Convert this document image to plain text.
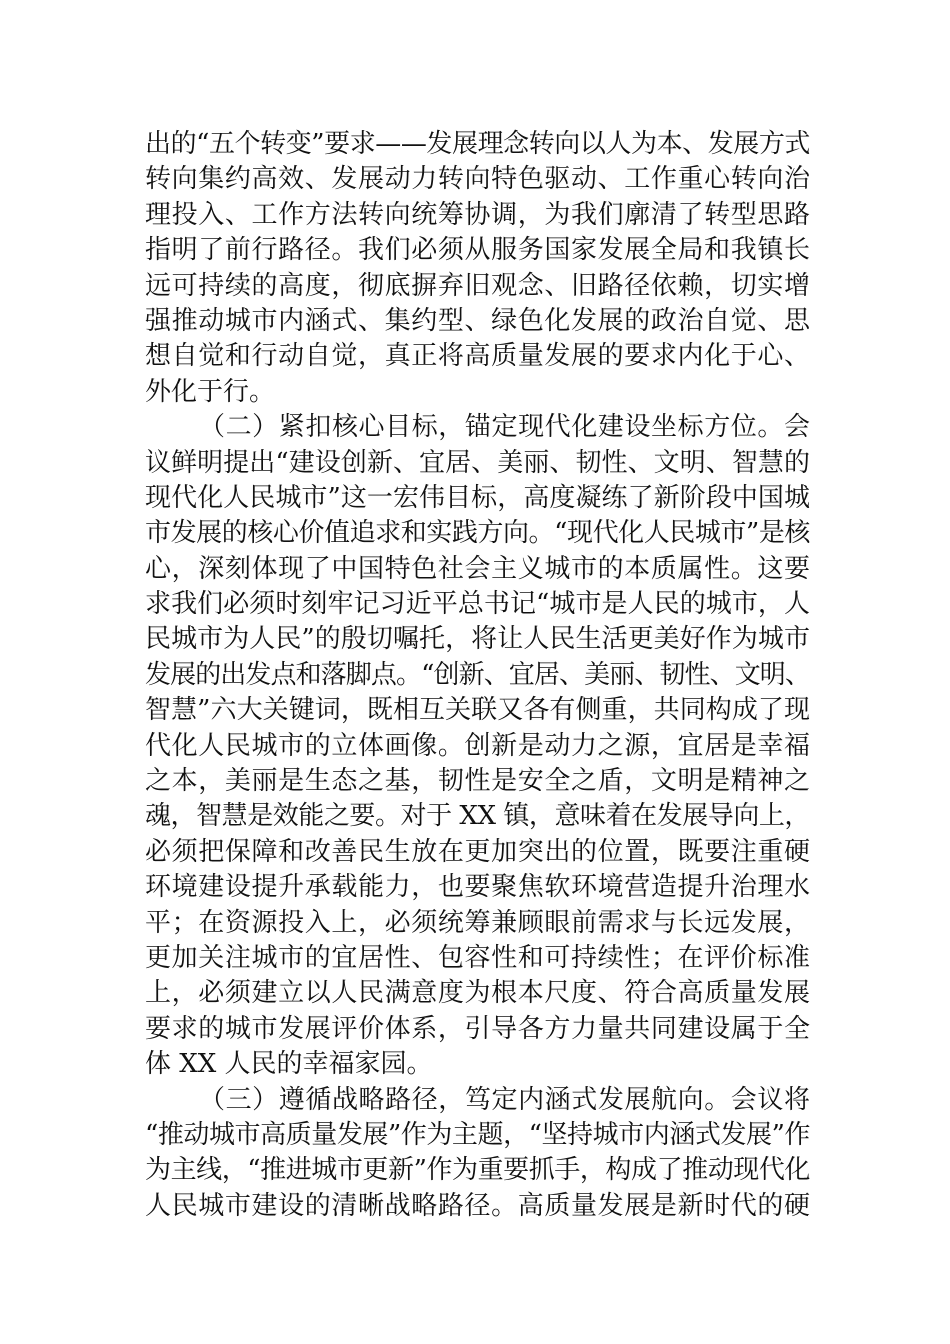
出的“五个转变”要求——发展理念转向以人为本、发展方式
转向集约高效、发展动力转向特色驱动、工作重心转向治
理投入、工作方法转向统筹协调，为我们廓清了转型思路
指明了前行路径。我们必须从服务国家发展全局和我镇长
远可持续的高度，彻底摒弃旧观念、旧路径依赖，切实增
强推动城市内涵式、集约型、绿色化发展的政治自觉、思
想自觉和行动自觉，真正将高质量发展的要求内化于心、
外化于行。
（二）紧扣核心目标，锚定现代化建设坐标方位。会
议鲜明提出“建设创新、宜居、美丽、韧性、文明、智慧的
现代化人民城市”这一宏伟目标，高度凝练了新阶段中国城
市发展的核心价值追求和实践方向。“现代化人民城市”是核
心，深刻体现了中国特色社会主义城市的本质属性。这要
求我们必须时刻牢记习近平总书记“城市是人民的城市，人
民城市为人民”的殷切嘱托，将让人民生活更美好作为城市
发展的出发点和落脚点。“创新、宜居、美丽、韧性、文明、
智慧”六大关键词，既相互关联又各有侧重，共同构成了现
代化人民城市的立体画像。创新是动力之源，宜居是幸福
之本，美丽是生态之基，韧性是安全之盾，文明是精神之
魂，智慧是效能之要。对于 XX 镇，意味着在发展导向上，
必须把保障和改善民生放在更加突出的位置，既要注重硬
环境建设提升承载能力，也要聚焦软环境营造提升治理水
平；在资源投入上，必须统筹兼顾眼前需求与长远发展，
更加关注城市的宜居性、包容性和可持续性；在评价标准
上，必须建立以人民满意度为根本尺度、符合高质量发展
要求的城市发展评价体系，引导各方力量共同建设属于全
体 XX 人民的幸福家园。
（三）遵循战略路径，笃定内涵式发展航向。会议将
“推动城市高质量发展”作为主题，“坚持城市内涵式发展”作
为主线，“推进城市更新”作为重要抓手，构成了推动现代化
人民城市建设的清晰战略路径。高质量发展是新时代的硬
